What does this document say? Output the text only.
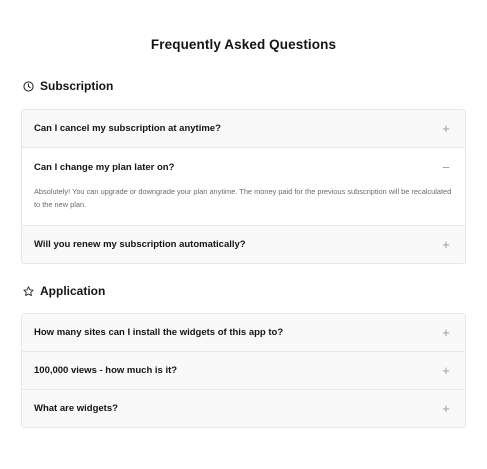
Frequently Asked Questions
Subscription
Can I cancel my subscription at anytime?	+
Can I change my plan later on?	−
Absolutely! You can upgrade or downgrade your plan anytime. The money paid for the previous subscription will be recalculated to the new plan.
Will you renew my subscription automatically?	+
Application
How many sites can I install the widgets of this app to?	+
100,000 views - how much is it?	+
What are widgets?	+
